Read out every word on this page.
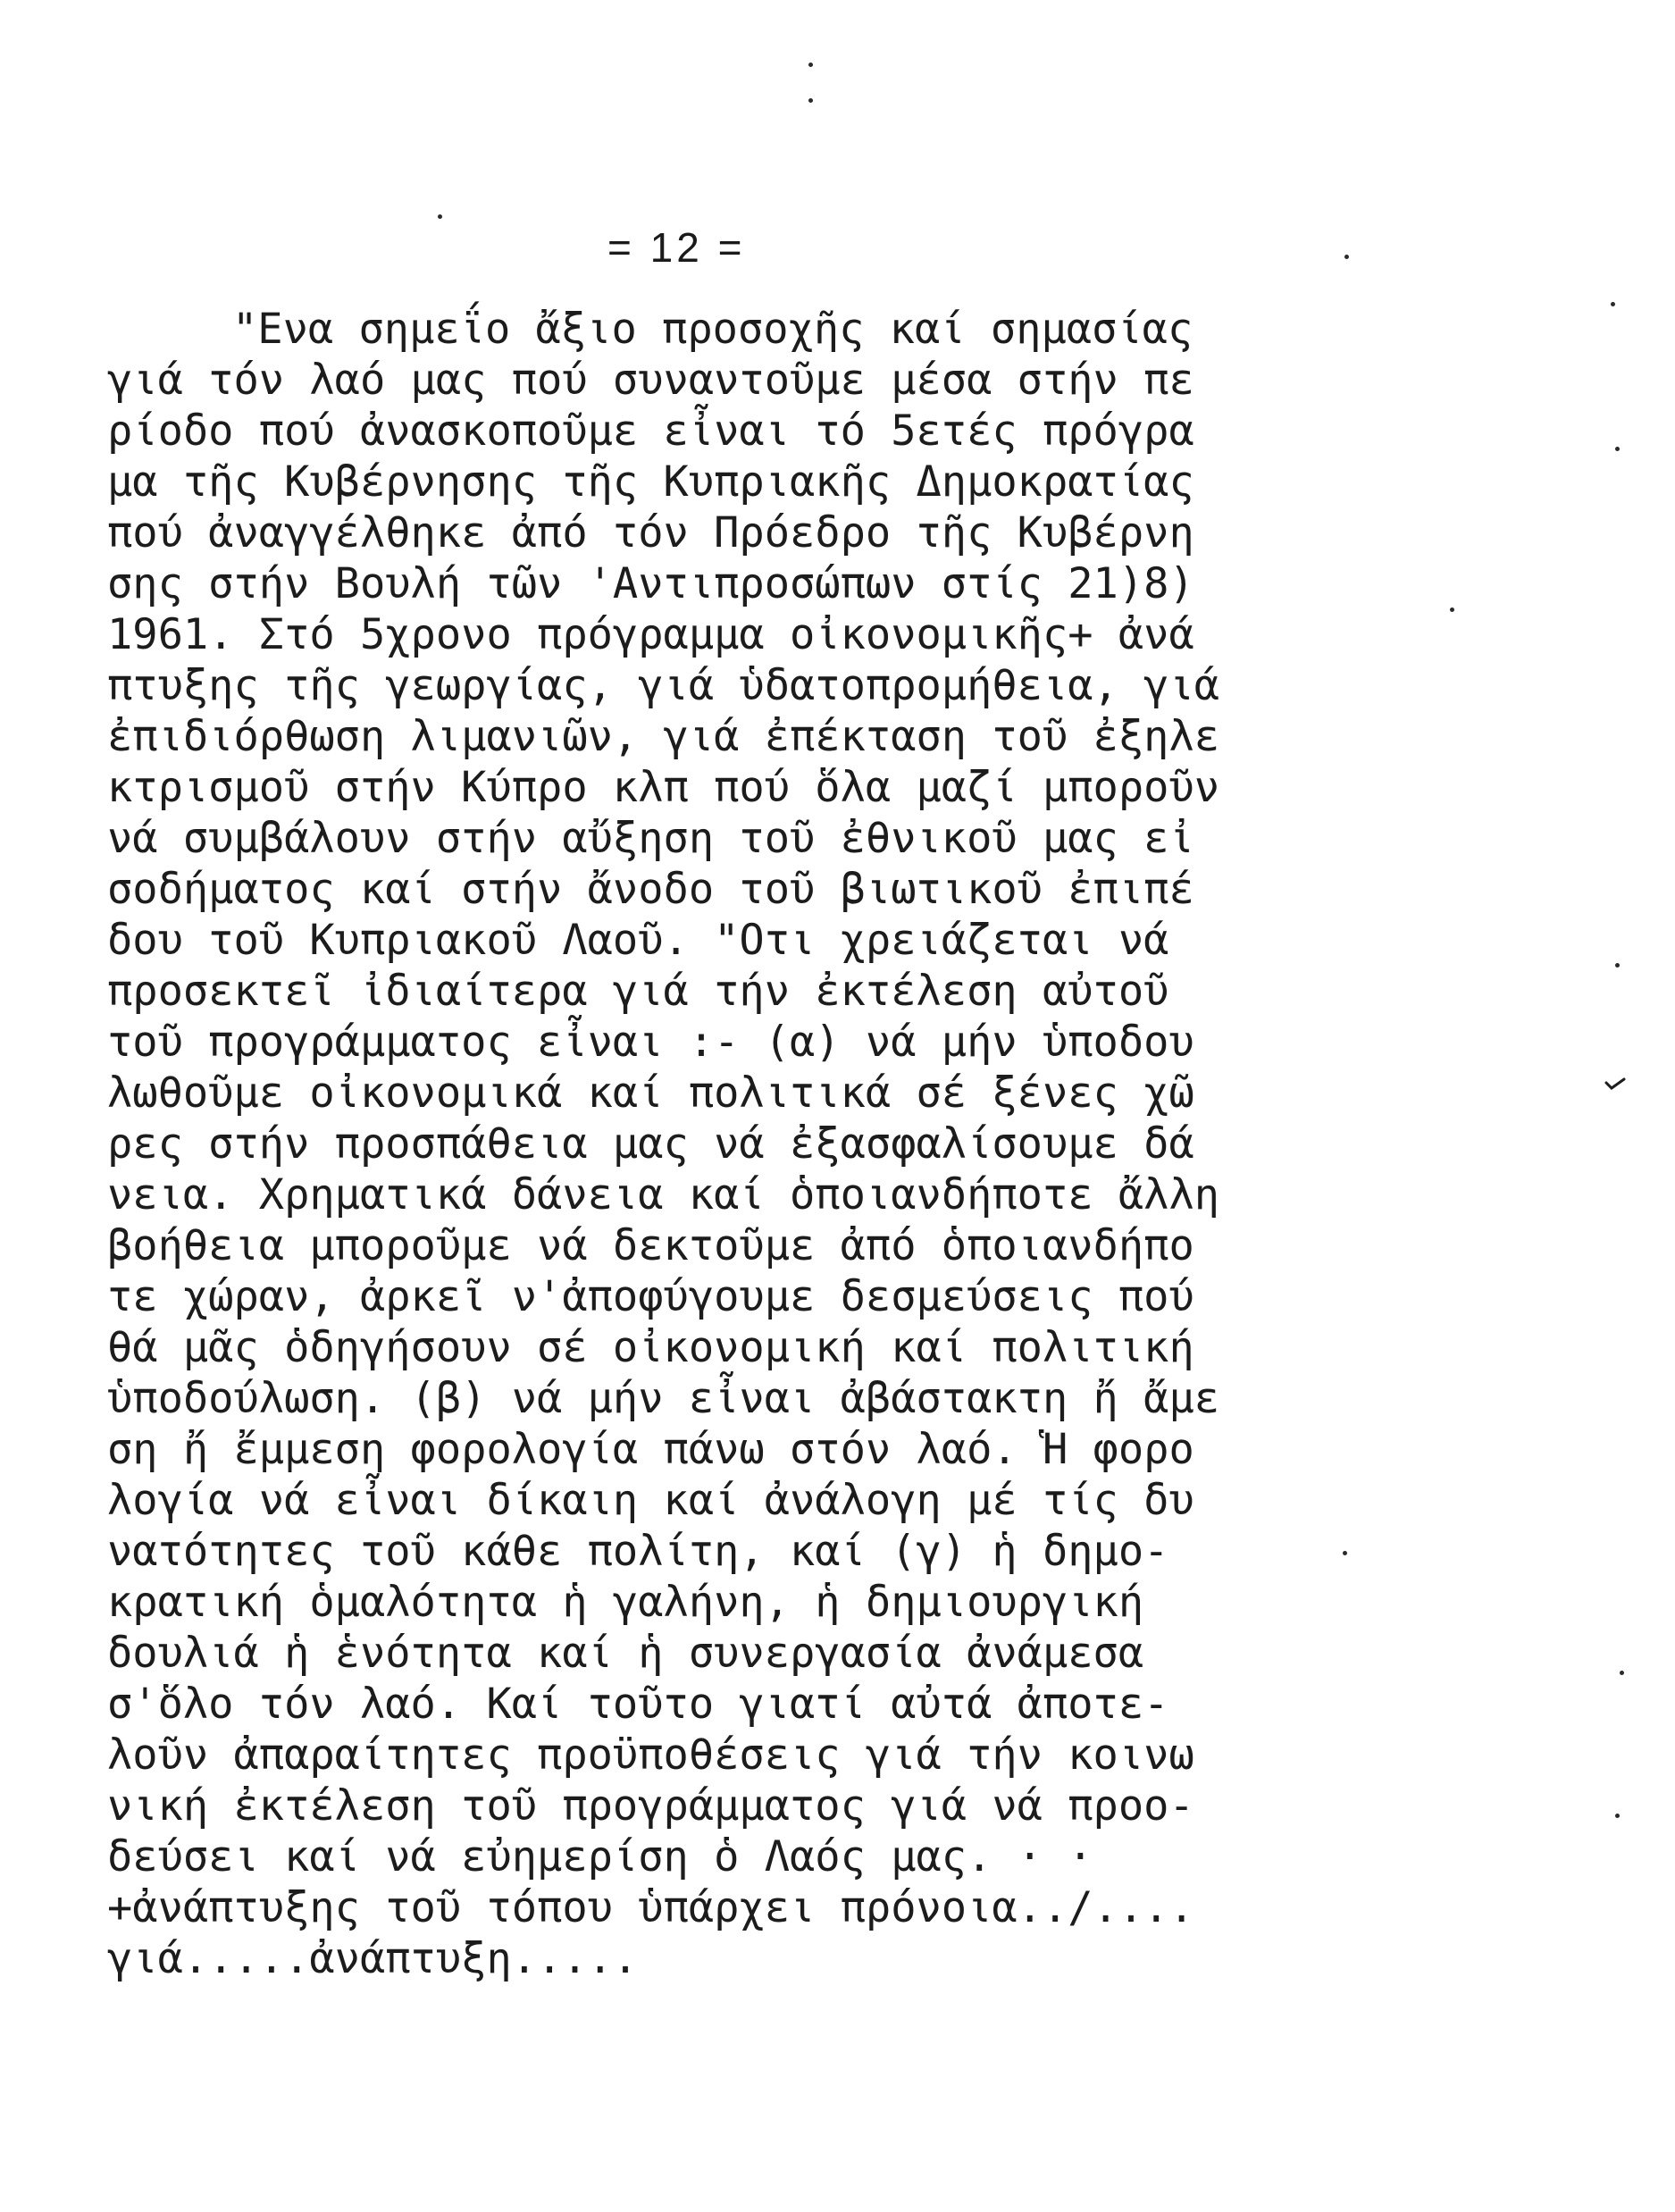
= 12 =
"Ενα σημεΐο ἄξιο προσοχῆς καί σημασίας
γιά τόν λαό μας πού συναντοῦμε μέσα στήν πε
ρίοδο πού ἀνασκοποῦμε εἶναι τό 5ετές πρόγρα
μα τῆς Κυβέρνησης τῆς Κυπριακῆς Δημοκρατίας
πού ἀναγγέλθηκε ἀπό τόν Πρόεδρο τῆς Κυβέρνη
σης στήν Βουλή τῶν 'Αντιπροσώπων στίς 21)8)
1961. Στό 5χρονο πρόγραμμα οἰκονομικῆς+ ἀνά
πτυξης τῆς γεωργίας, γιά ὑδατοπρομήθεια, γιά
ἐπιδιόρθωση λιμανιῶν, γιά ἐπέκταση τοῦ ἐξηλε
κτρισμοῦ στήν Κύπρο κλπ πού ὅλα μαζί μποροῦν
νά συμβάλουν στήν αὔξηση τοῦ ἐθνικοῦ μας εἰ
σοδήματος καί στήν ἄνοδο τοῦ βιωτικοῦ ἐπιπέ
δου τοῦ Κυπριακοῦ Λαοῦ. "Οτι χρειάζεται νά
προσεκτεῖ ἰδιαίτερα γιά τήν ἐκτέλεση αὐτοῦ
τοῦ προγράμματος εἶναι :- (α) νά μήν ὑποδου
λωθοῦμε οἰκονομικά καί πολιτικά σέ ξένες χῶ
ρες στήν προσπάθεια μας νά ἐξασφαλίσουμε δά
νεια. Χρηματικά δάνεια καί ὁποιανδήποτε ἄλλη
βοήθεια μποροῦμε νά δεκτοῦμε ἀπό ὁποιανδήπο
τε χώραν, ἀρκεῖ ν'ἀποφύγουμε δεσμεύσεις πού
θά μᾶς ὁδηγήσουν σέ οἰκονομική καί πολιτική
ὑποδούλωση. (β) νά μήν εἶναι ἀβάστακτη ἤ ἄμε
ση ἤ ἔμμεση φορολογία πάνω στόν λαό. Ἡ φορο
λογία νά εἶναι δίκαιη καί ἀνάλογη μέ τίς δυ
νατότητες τοῦ κάθε πολίτη, καί (γ) ἡ δημο-
κρατική ὁμαλότητα ἡ γαλήνη, ἡ δημιουργική
δουλιά ἡ ἑνότητα καί ἡ συνεργασία ἀνάμεσα
σ'ὅλο τόν λαό. Καί τοῦτο γιατί αὐτά ἀποτε-
λοῦν ἀπαραίτητες προϋποθέσεις γιά τήν κοινω
νική ἐκτέλεση τοῦ προγράμματος γιά νά προο-
δεύσει καί νά εὐημερίση ὁ Λαός μας. · ·
+ἀνάπτυξης τοῦ τόπου ὑπάρχει πρόνοια../....
γιά.....ἀνάπτυξη.....
